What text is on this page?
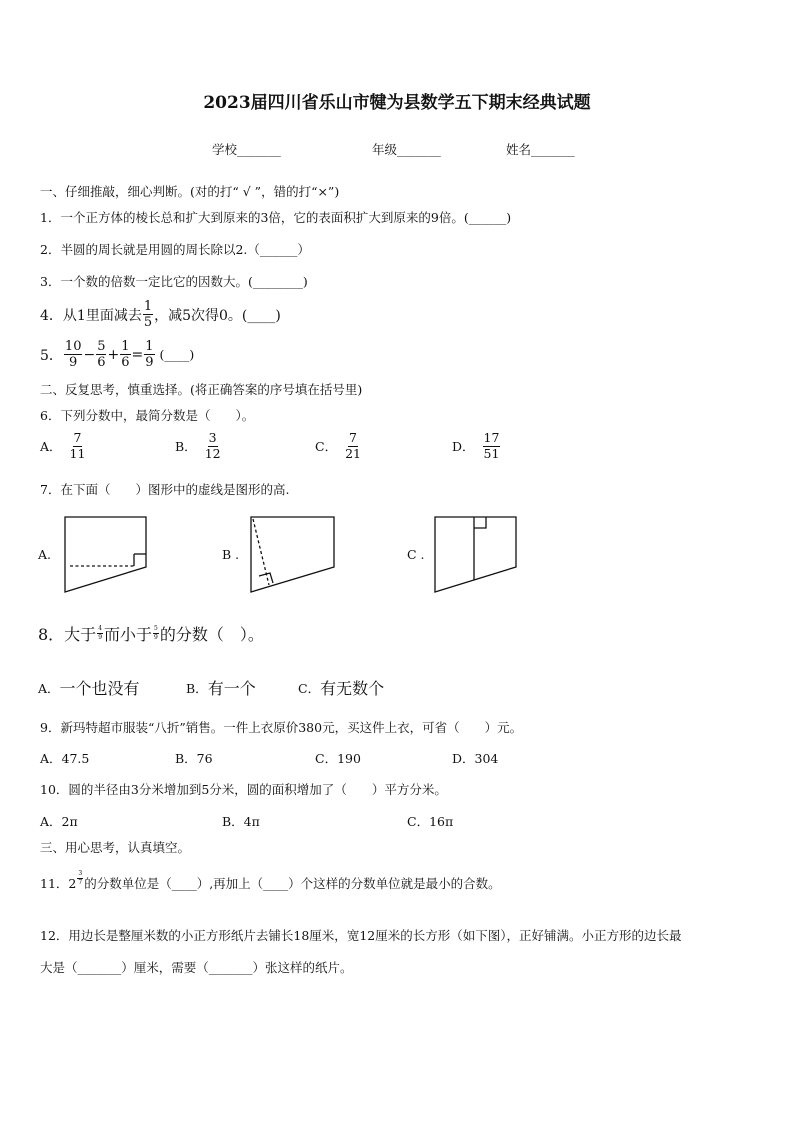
2023届四川省乐山市犍为县数学五下期末经典试题
学校_______	年级_______	姓名_______
一、仔细推敲，细心判断。(对的打“ √ ”，错的打“×”)
1．一个正方体的棱长总和扩大到原来的3倍，它的表面积扩大到原来的9倍。(______)
2．半圆的周长就是用圆的周长除以2.（______）
3．一个数的倍数一定比它的因数大。(________)
4．从1里面减去 $\frac{1}{5}$ ，减5次得0。(____)
5． $\frac{10}{9} - \frac{5}{6} + \frac{1}{6} = \frac{1}{9}$ (____)
二、反复思考，慎重选择。(将正确答案的序号填在括号里)
6．下列分数中，最简分数是（　　）。
A． $\frac{7}{11}$	B． $\frac{3}{12}$	C． $\frac{7}{21}$	D． $\frac{17}{51}$
7．在下面（　　）图形中的虚线是图形的高.
A.	B .	C .
8．大于 $\frac{4}{9}$ 而小于 $\frac{5}{9}$ 的分数（　）。
A． 一个也没有	B． 有一个	C． 有无数个
9．新玛特超市服装“八折”销售。一件上衣原价380元，买这件上衣，可省（　　）元。
A．47.5	B．76	C．190	D．304
10．圆的半径由3分米增加到5分米，圆的面积增加了（　　）平方分米。
A．2π	B．4π	C．16π
三、用心思考，认真填空。
11．$2 \frac{3}{7}$ 的分数单位是（____）,再加上（____）个这样的分数单位就是最小的合数。
12．用边长是整厘米数的小正方形纸片去铺长18厘米，宽12厘米的长方形（如下图），正好铺满。小正方形的边长最
大是（_______）厘米，需要（_______）张这样的纸片。
